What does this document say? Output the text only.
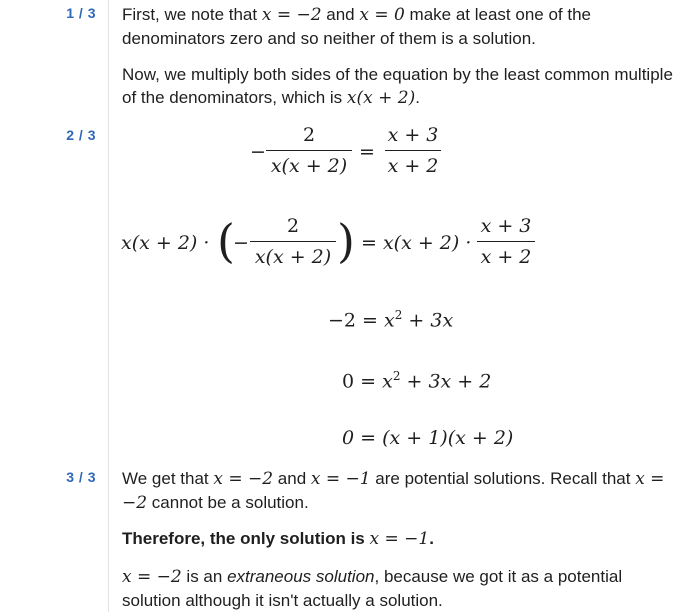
1 / 3 First, we note that x = −2 and x = 0 make at least one of the denominators zero and so neither of them is a solution.
Now, we multiply both sides of the equation by the least common multiple of the denominators, which is x(x + 2).
2 / 3
−
2
x(x + 2)
=
x + 3
x + 2
x(x + 2) · (
−
2
x(x + 2) ) = x(x + 2) ·
x + 3
x + 2
$-2 = x^2 + 3x$
$0 = x^2 + 3x + 2$
0 = (x + 1)(x + 2)
3 / 3 We get that x = −2 and x = −1 are potential solutions. Recall that x = −2 cannot be a solution.
Therefore, the only solution is x = −1.
x = −2 is an extraneous solution, because we got it as a potential solution although it isn't actually a solution.
